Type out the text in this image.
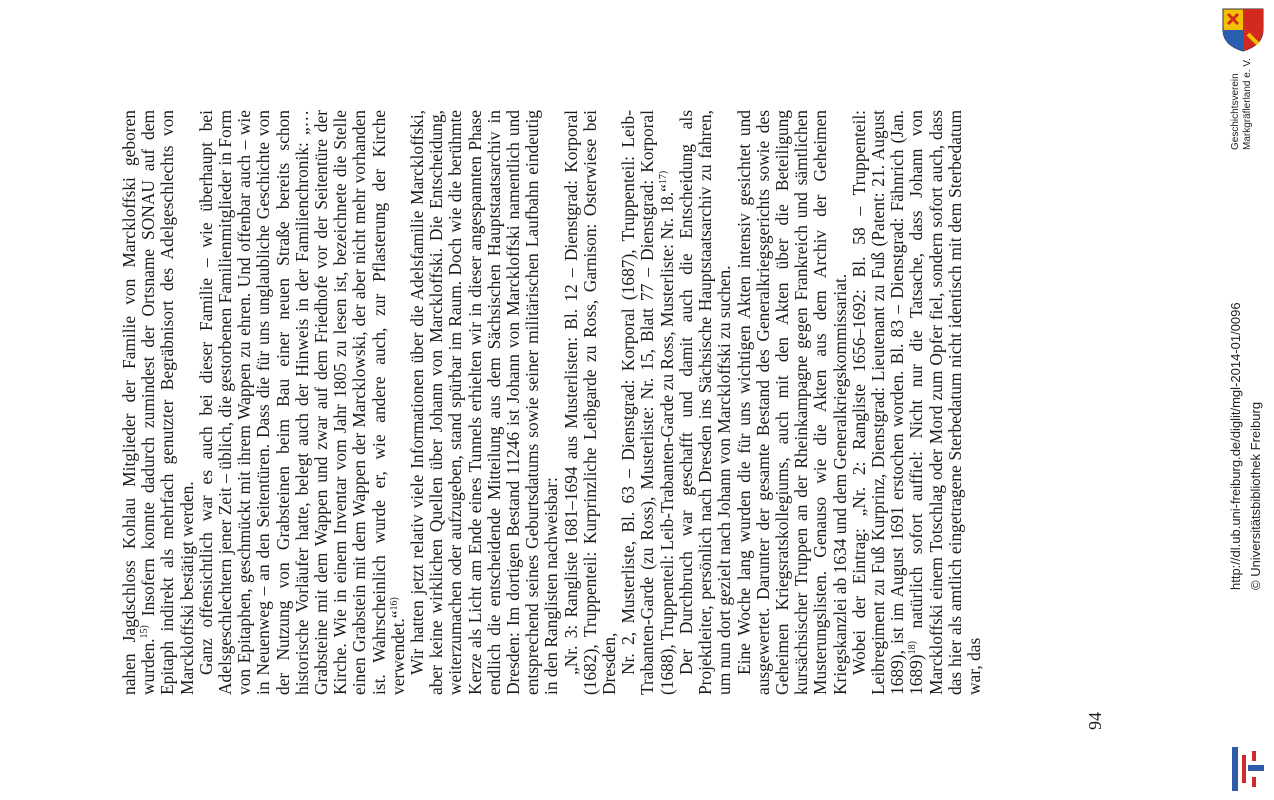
nahen Jagdschloss Kohlau Mitglieder der Familie von Marckloffski geboren wurden.$^{15)}$ Insofern konnte dadurch zumindest der Ortsname SONAU auf dem Epitaph indirekt als mehrfach genutzter Begräbnisort des Adelgeschlechts von Marckloffski bestätigt werden. Ganz offensichtlich war es auch bei dieser Familie – wie überhaupt bei Adelsgeschlechtern jener Zeit – üblich, die gestorbenen Familienmitglieder in Form von Epitaphen, geschmückt mit ihrem Wappen zu ehren. Und offenbar auch – wie in Neuenweg – an den Seitentüren. Dass die für uns unglaubliche Geschichte von der Nutzung von Grabsteinen beim Bau einer neuen Straße bereits schon historische Vorläufer hatte, belegt auch der Hinweis in der Familienchronik: „…Grabsteine mit dem Wappen und zwar auf dem Friedhofe vor der Seitentüre der Kirche. Wie in einem Inventar vom Jahr 1805 zu lesen ist, bezeichnete die Stelle einen Grabstein mit dem Wappen der Marcklowski, der aber nicht mehr vorhanden ist. Wahrscheinlich wurde er, wie andere auch, zur Pflasterung der Kirche verwendet.“$^{16)}$ Wir hatten jetzt relativ viele Informationen über die Adelsfamilie Marckloffski, aber keine wirklichen Quellen über Johann von Marckloffski. Die Entscheidung, weiterzumachen oder aufzugeben, stand spürbar im Raum. Doch wie die berühmte Kerze als Licht am Ende eines Tunnels erhielten wir in dieser angespannten Phase endlich die entscheidende Mitteilung aus dem Sächsischen Hauptstaatsarchiv in Dresden: Im dortigen Bestand 11246 ist Johann von Marckloffski namentlich und entsprechend seines Geburtsdatums sowie seiner militärischen Laufbahn eindeutig in den Ranglisten nachweisbar: „Nr. 3: Rangliste 1681–1694 aus Musterlisten: Bl. 12 – Dienstgrad: Korporal (1682), Truppenteil: Kurprinzliche Leibgarde zu Ross, Garnison: Osterwiese bei Dresden, Nr. 2, Musterliste, Bl. 63 – Dienstgrad: Korporal (1687), Truppenteil: Leib-Trabanten-Garde (zu Ross), Musterliste: Nr. 15, Blatt 77 – Dienstgrad: Korporal (1688), Truppenteil: Leib-Trabanten-Garde zu Ross, Musterliste: Nr. 18.“$^{17)}$ Der Durchbruch war geschafft und damit auch die Entscheidung als Projektleiter, persönlich nach Dresden ins Sächsische Hauptstaatsarchiv zu fahren, um nun dort gezielt nach Johann von Marckloffski zu suchen. Eine Woche lang wurden die für uns wichtigen Akten intensiv gesichtet und ausgewertet. Darunter der gesamte Bestand des Generalkriegsgerichts sowie des Geheimen Kriegsratskollegiums, auch mit den Akten über die Beteiligung kursächsischer Truppen an der Rheinkampagne gegen Frankreich und sämtlichen Musterungslisten. Genauso wie die Akten aus dem Archiv der Geheimen Kriegskanzlei ab 1634 und dem Generalkriegskommissariat. Wobei der Eintrag: „Nr. 2: Rangliste 1656–1692: Bl. 58 – Truppenteil: Leibregiment zu Fuß Kurprinz, Dienstgrad: Lieutenant zu Fuß (Patent: 21. August 1689), ist im August 1691 erstochen worden. Bl. 83 – Dienstgrad: Fähnrich (Jan. 1689)$^{18)}$ natürlich sofort auffiel: Nicht nur die Tatsache, dass Johann von Marckloffski einem Totschlag oder Mord zum Opfer fiel, sondern sofort auch, dass das hier als amtlich eingetragene Sterbedatum nicht identisch mit dem Sterbedatum war, das

94
http://dl.ub.uni-freiburg.de/diglit/mgl-2014-01/0096 © Universitätsbibliothek Freiburg
Geschichtsverein Markgräflerland e. V.
